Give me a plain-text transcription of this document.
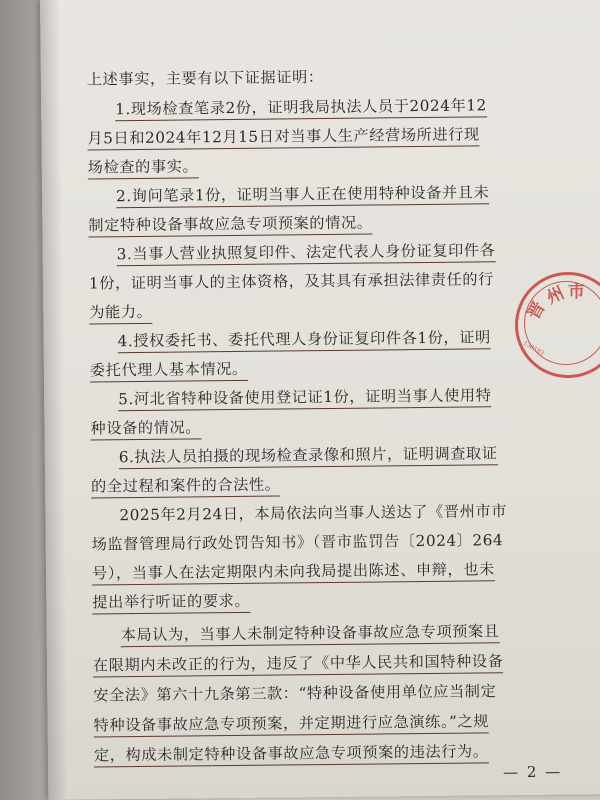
上述事实，主要有以下证据证明：
1.现场检查笔录2份，证明我局执法人员于2024年12
月5日和2024年12月15日对当事人生产经营场所进行现
场检查的事实。
2.询问笔录1份，证明当事人正在使用特种设备并且未
制定特种设备事故应急专项预案的情况。
3.当事人营业执照复印件、法定代表人身份证复印件各
1份，证明当事人的主体资格，及其具有承担法律责任的行
为能力。
4.授权委托书、委托代理人身份证复印件各1份，证明
委托代理人基本情况。
5.河北省特种设备使用登记证1份，证明当事人使用特
种设备的情况。
6.执法人员拍摄的现场检查录像和照片，证明调查取证
的全过程和案件的合法性。
2025年2月24日，本局依法向当事人送达了《晋州市市
场监督管理局行政处罚告知书》（晋市监罚告〔2024〕264
号），当事人在法定期限内未向我局提出陈述、申辩，也未
提出举行听证的要求。
本局认为，当事人未制定特种设备事故应急专项预案且
在限期内未改正的行为，违反了《中华人民共和国特种设备
安全法》第六十九条第三款：“特种设备使用单位应当制定
特种设备事故应急专项预案，并定期进行应急演练。”之规
定，构成未制定特种设备事故应急专项预案的违法行为。
— 2 —
晋
州 市
130183
